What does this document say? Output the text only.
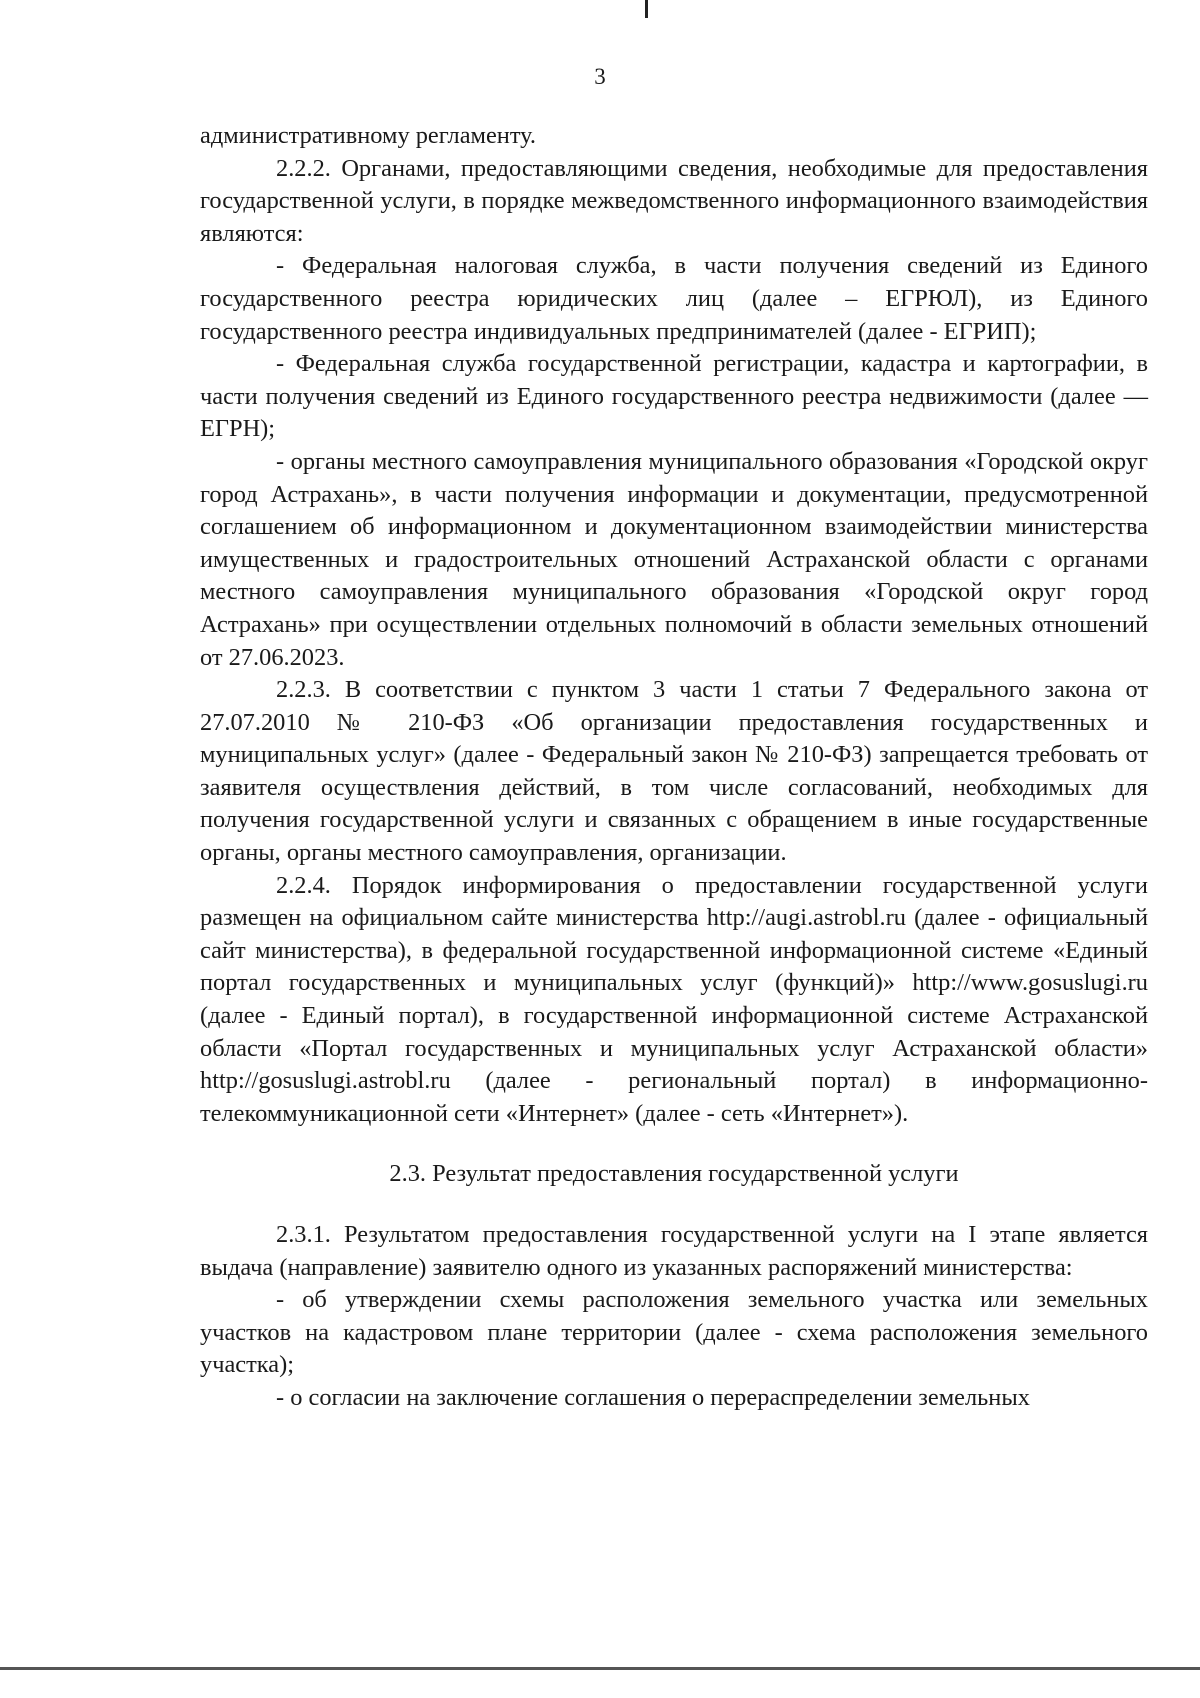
3

административному регламенту.

2.2.2. Органами, предоставляющими сведения, необходимые для предоставления государственной услуги, в порядке межведомственного информационного взаимодействия являются:

- Федеральная налоговая служба, в части получения сведений из Единого государственного реестра юридических лиц (далее – ЕГРЮЛ), из Единого государственного реестра индивидуальных предпринимателей (далее - ЕГРИП);

- Федеральная служба государственной регистрации, кадастра и картографии, в части получения сведений из Единого государственного реестра недвижимости (далее — ЕГРН);

- органы местного самоуправления муниципального образования «Городской округ город Астрахань», в части получения информации и документации, предусмотренной соглашением об информационном и документационном взаимодействии министерства имущественных и градостроительных отношений Астраханской области с органами местного самоуправления муниципального образования «Городской округ город Астрахань» при осуществлении отдельных полномочий в области земельных отношений от 27.06.2023.

2.2.3. В соответствии с пунктом 3 части 1 статьи 7 Федерального закона от 27.07.2010 № 210-ФЗ «Об организации предоставления государственных и муниципальных услуг» (далее - Федеральный закон № 210-ФЗ) запрещается требовать от заявителя осуществления действий, в том числе согласований, необходимых для получения государственной услуги и связанных с обращением в иные государственные органы, органы местного самоуправления, организации.

2.2.4. Порядок информирования о предоставлении государственной услуги размещен на официальном сайте министерства http://augi.astrobl.ru (далее - официальный сайт министерства), в федеральной государственной информационной системе «Единый портал государственных и муниципальных услуг (функций)» http://www.gosuslugi.ru (далее - Единый портал), в государственной информационной системе Астраханской области «Портал государственных и муниципальных услуг Астраханской области» http://gosuslugi.astrobl.ru (далее - региональный портал) в информационно-телекоммуникационной сети «Интернет» (далее - сеть «Интернет»).

2.3. Результат предоставления государственной услуги

2.3.1. Результатом предоставления государственной услуги на I этапе является выдача (направление) заявителю одного из указанных распоряжений министерства:

- об утверждении схемы расположения земельного участка или земельных участков на кадастровом плане территории (далее - схема расположения земельного участка);

- о согласии на заключение соглашения о перераспределении земельных
